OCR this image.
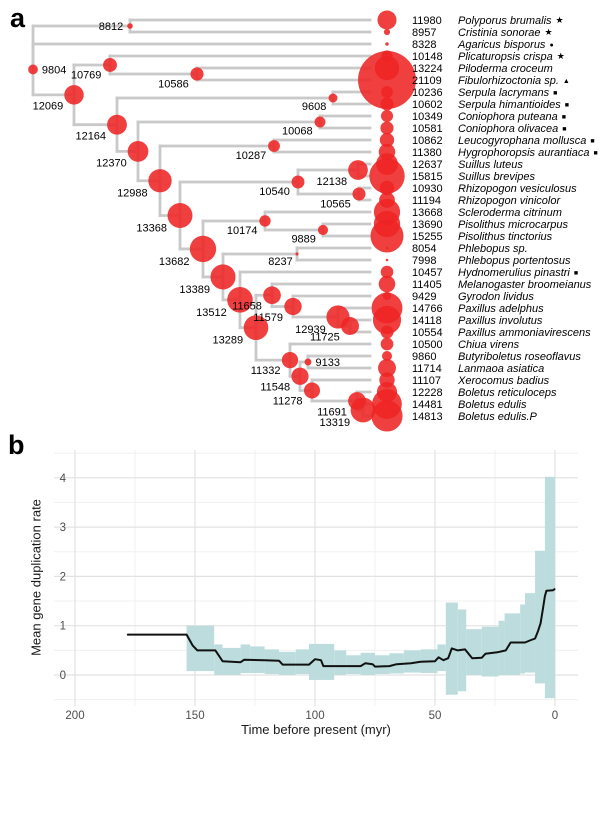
200	150	100	50	0
4
3
2
1
0
8812
9804
12069
10769
10586
12164
9608
12370
10068
12988
10287
13368
10540
12138
10565
13682
10174
9889
13389
8237
13512
13289
11658
11579
12939
11725
11332
11548
9133
11278
11691
13319
11980 Polyporus brumalis ★
8957 Cristinia sonorae ★
8328 Agaricus bisporus ●
10148 Plicaturopsis crispa ★
13224 Piloderma croceum
21109 Fibulorhizoctonia sp. ▲
10236 Serpula lacrymans ■
10602 Serpula himantioides ■
10349 Coniophora puteana ■
10581 Coniophora olivacea ■
10862 Leucogyrophana mollusca ■
11380 Hygrophoropsis aurantiaca ■
12637 Suillus luteus
15815 Suillus brevipes
10930 Rhizopogon vesiculosus
11194 Rhizopogon vinicolor
13668 Scleroderma citrinum
13690 Pisolithus microcarpus
15255 Pisolithus tinctorius
8054 Phlebopus sp.
7998 Phlebopus portentosus
10457 Hydnomerulius pinastri ■
11405 Melanogaster broomeianus
9429 Gyrodon lividus
14766 Paxillus adelphus
14118 Paxillus involutus
10554 Paxillus ammoniavirescens
10500 Chiua virens
9860 Butyriboletus roseoflavus
11714 Lanmaoa asiatica
11107 Xerocomus badius
12228 Boletus reticuloceps
14481 Boletus edulis
14813 Boletus edulis.P
a
b
Time before present (myr)
Mean gene duplication rate
